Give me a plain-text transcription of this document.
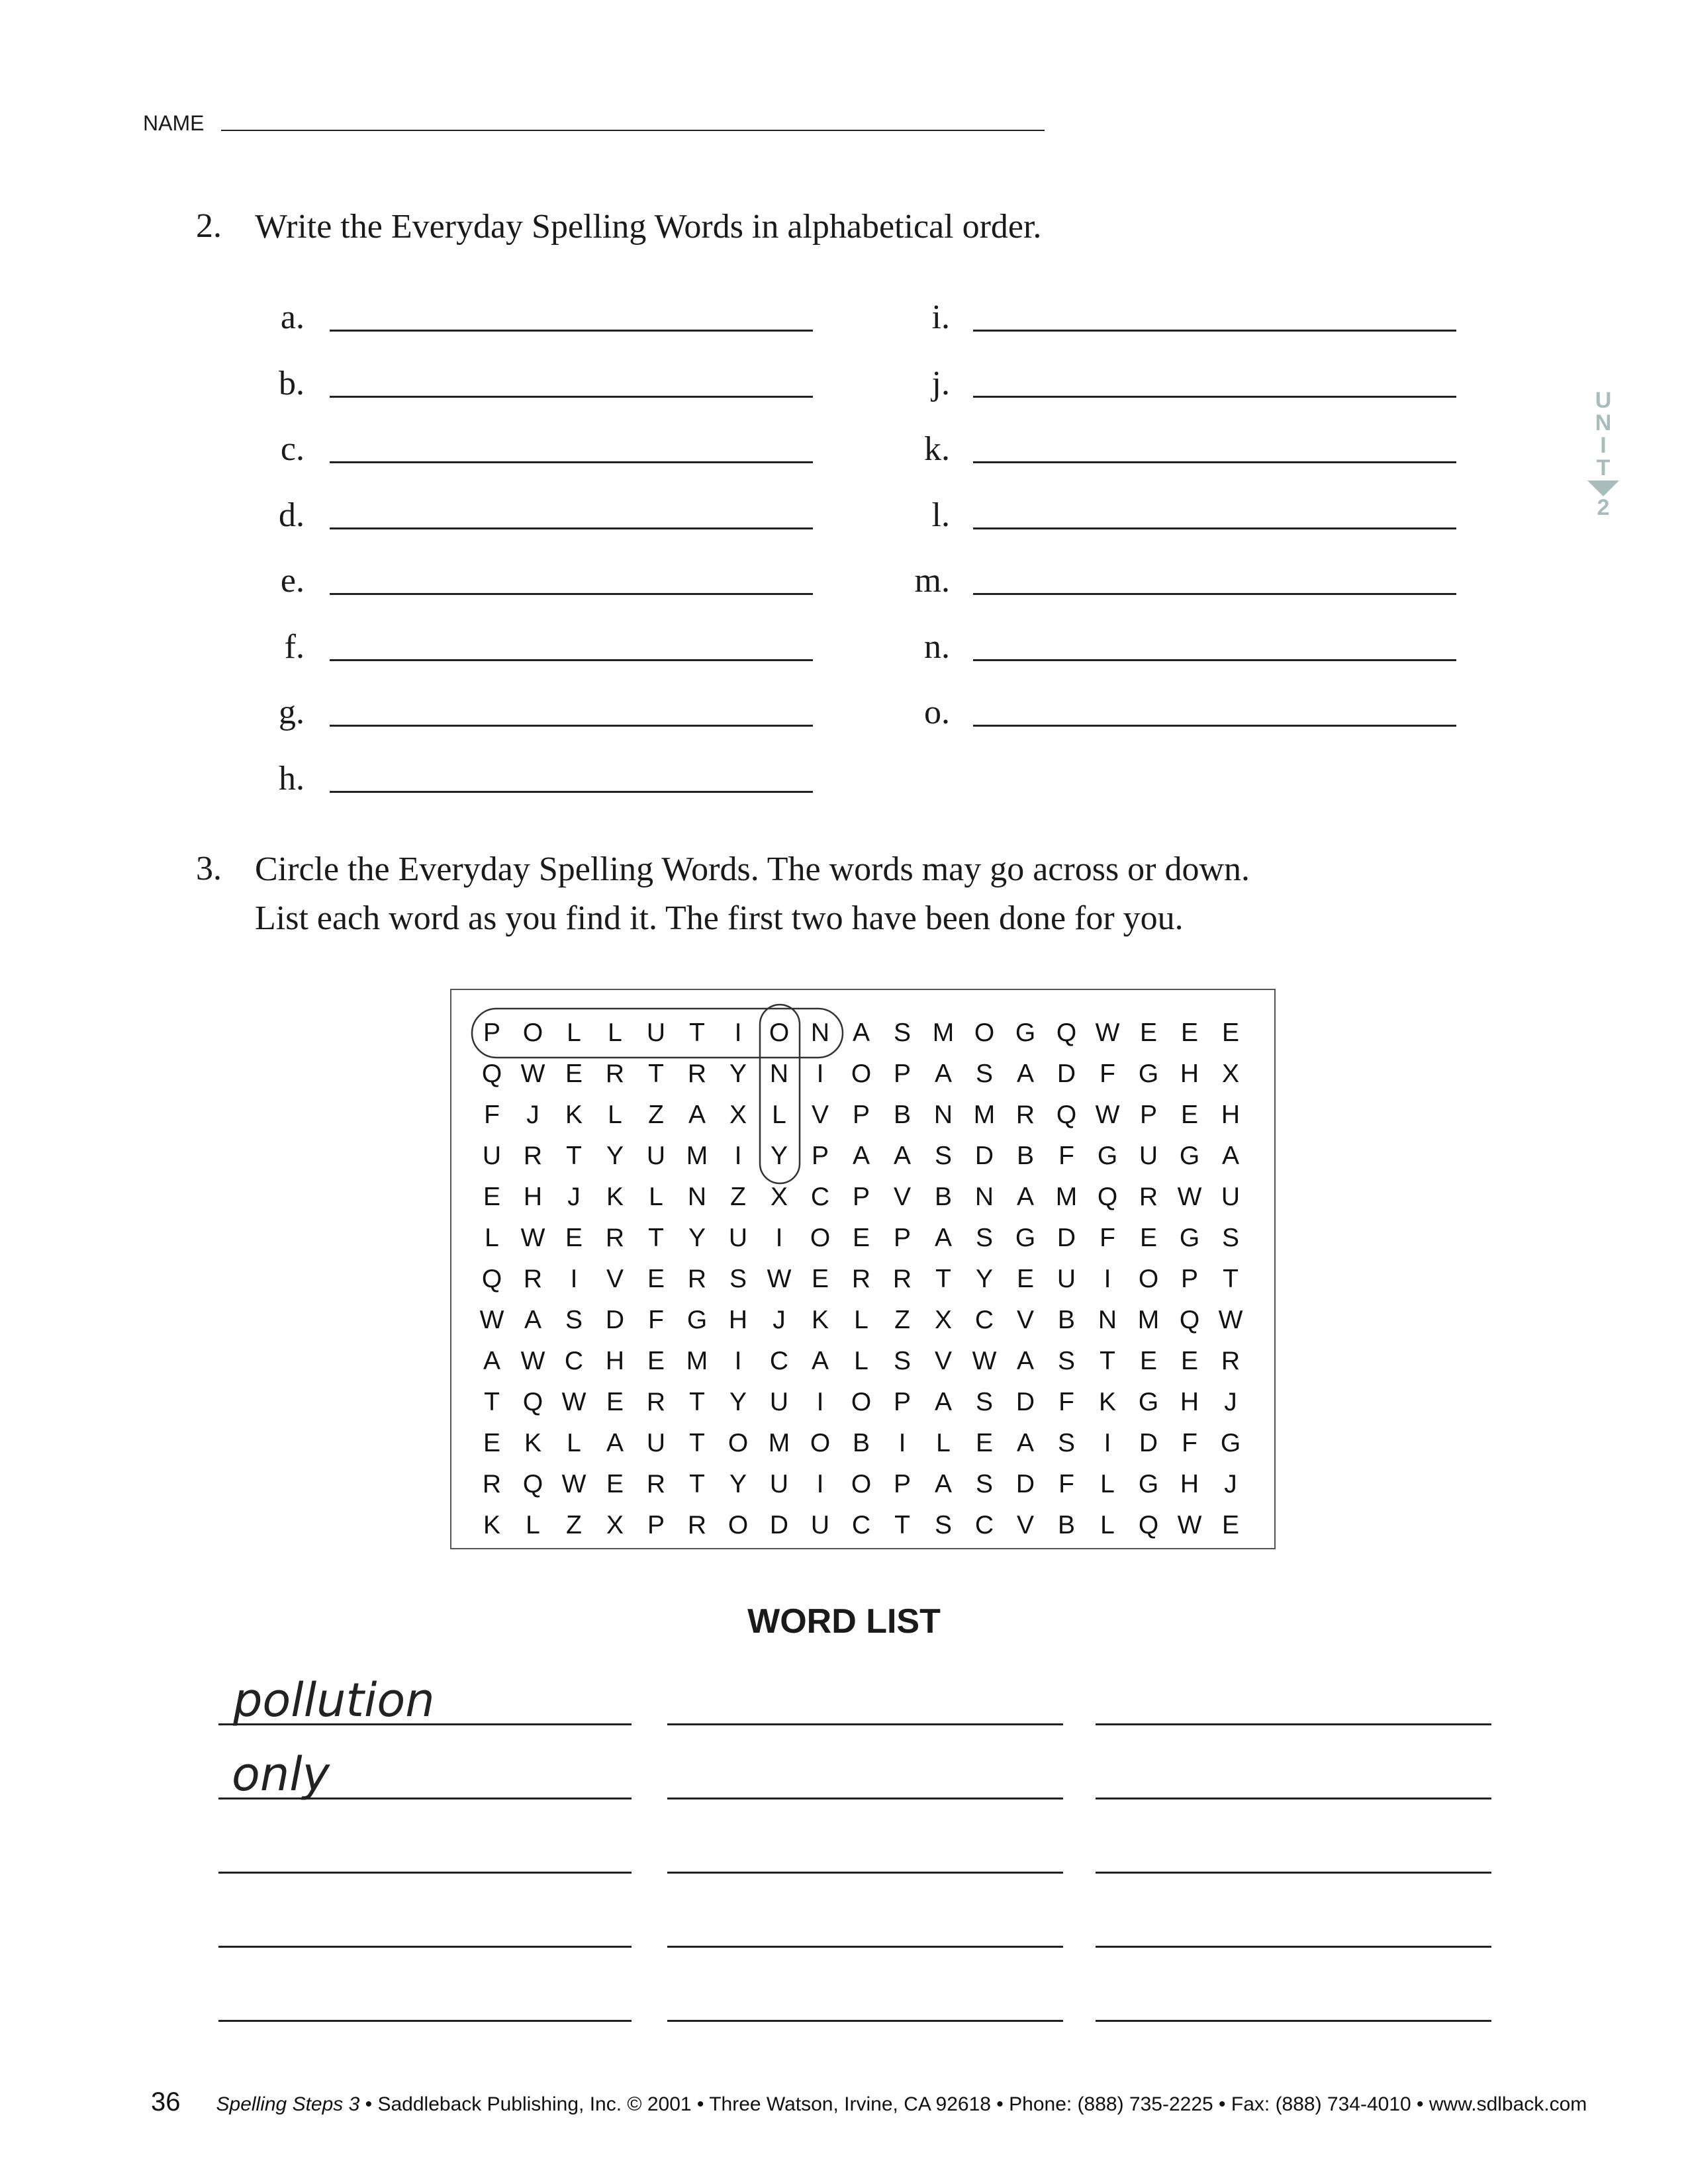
NAME
2. Write the Everyday Spelling Words in alphabetical order.
a.
b.
c.
d.
e.
f.
g.
h.
i.
j.
k.
l.
m.
n.
o.
U
N
I
T
2
3. Circle the Everyday Spelling Words. The words may go across or down.
List each word as you find it. The first two have been done for you.
P O L	L U T	I	O N A S M O G Q W E E E
Q W E R T R Y N	I	O P A S A D F G H X
F	J	K L	Z A X L V P B N M R Q W P E H
U R T Y U M	I	Y P A A S D B F G U G A
E H J	K L N Z X C P V B N A M Q R W U
L W E R T Y U	I	O E P A S G D F E G S
Q R	I	V E R S W E R R T Y E U	I	O P T
W A S D F G H J	K L	Z X C V B N M Q W
A W C H E M	I	C A L S V W A S T E E R
T Q W E R T Y U	I	O P A S D F K G H J
E K L A U T O M O B	I	L E A S	I	D F G
R Q W E R T Y U	I	O P A S D F	L G H J
K L	Z X P R O D U C T S C V B L Q W E
WORD LIST
pollution
only
36 Spelling Steps 3 • Saddleback Publishing, Inc. © 2001 • Three Watson, Irvine, CA 92618 • Phone: (888) 735-2225 • Fax: (888) 734-4010 • www.sdlback.com
